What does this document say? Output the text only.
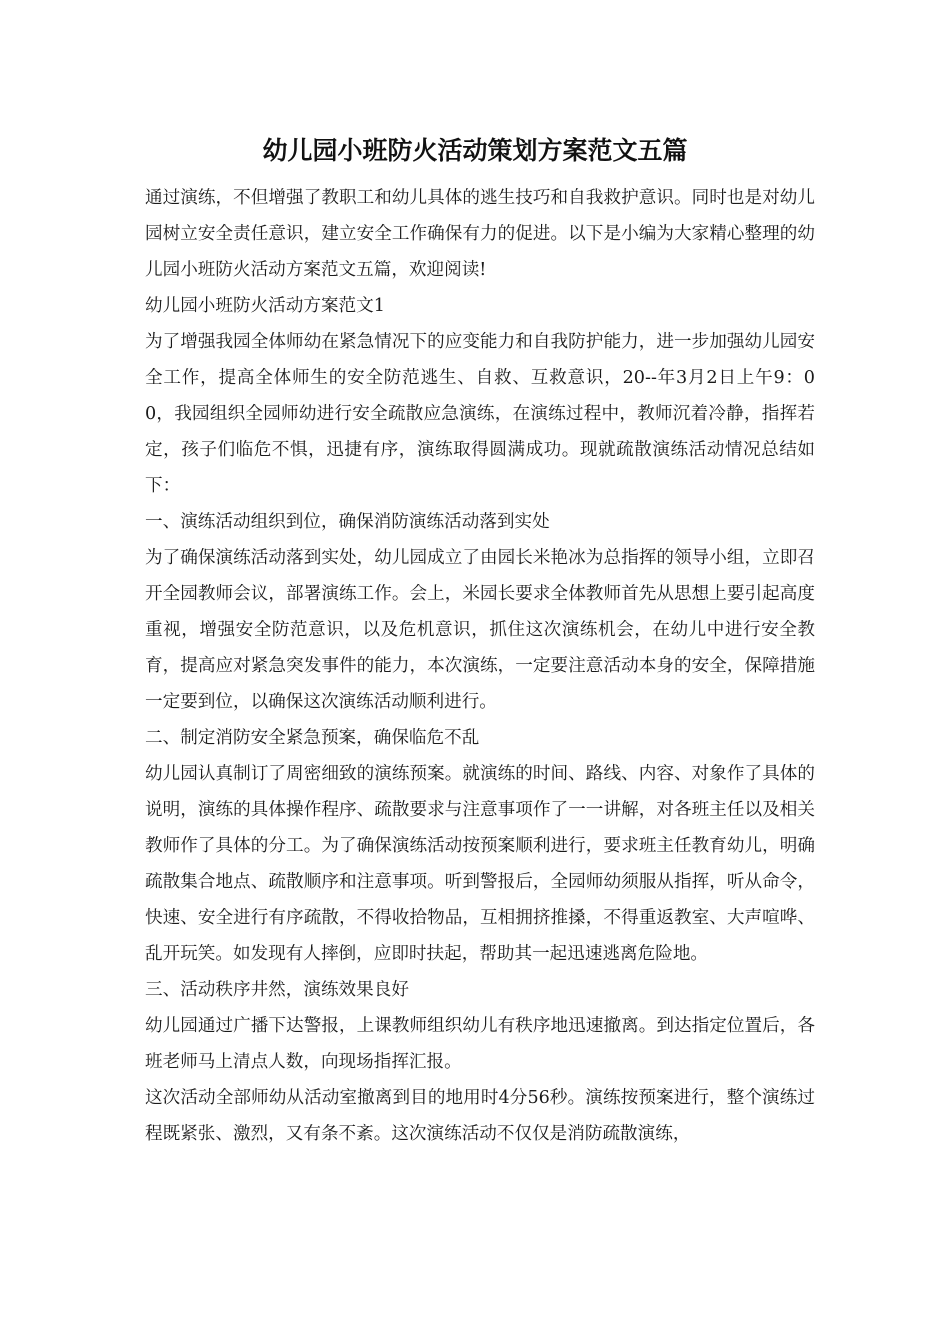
幼儿园小班防火活动策划方案范文五篇

通过演练，不但增强了教职工和幼儿具体的逃生技巧和自我救护意识。同时也是对幼儿园树立安全责任意识，建立安全工作确保有力的促进。以下是小编为大家精心整理的幼儿园小班防火活动方案范文五篇，欢迎阅读!

幼儿园小班防火活动方案范文1

为了增强我园全体师幼在紧急情况下的应变能力和自我防护能力，进一步加强幼儿园安全工作，提高全体师生的安全防范逃生、自救、互救意识，20--年3月2日上午9：00，我园组织全园师幼进行安全疏散应急演练，在演练过程中，教师沉着冷静，指挥若定，孩子们临危不惧，迅捷有序，演练取得圆满成功。现就疏散演练活动情况总结如下：

一、演练活动组织到位，确保消防演练活动落到实处

为了确保演练活动落到实处，幼儿园成立了由园长米艳冰为总指挥的领导小组，立即召开全园教师会议，部署演练工作。会上，米园长要求全体教师首先从思想上要引起高度重视，增强安全防范意识，以及危机意识，抓住这次演练机会，在幼儿中进行安全教育，提高应对紧急突发事件的能力，本次演练，一定要注意活动本身的安全，保障措施一定要到位，以确保这次演练活动顺利进行。

二、制定消防安全紧急预案，确保临危不乱

幼儿园认真制订了周密细致的演练预案。就演练的时间、路线、内容、对象作了具体的说明，演练的具体操作程序、疏散要求与注意事项作了一一讲解，对各班主任以及相关教师作了具体的分工。为了确保演练活动按预案顺利进行，要求班主任教育幼儿，明确疏散集合地点、疏散顺序和注意事项。听到警报后，全园师幼须服从指挥，听从命令，快速、安全进行有序疏散，不得收拾物品，互相拥挤推搡，不得重返教室、大声喧哗、乱开玩笑。如发现有人摔倒，应即时扶起，帮助其一起迅速逃离危险地。

三、活动秩序井然，演练效果良好

幼儿园通过广播下达警报，上课教师组织幼儿有秩序地迅速撤离。到达指定位置后，各班老师马上清点人数，向现场指挥汇报。

这次活动全部师幼从活动室撤离到目的地用时4分56秒。演练按预案进行，整个演练过程既紧张、激烈，又有条不紊。这次演练活动不仅仅是消防疏散演练，
